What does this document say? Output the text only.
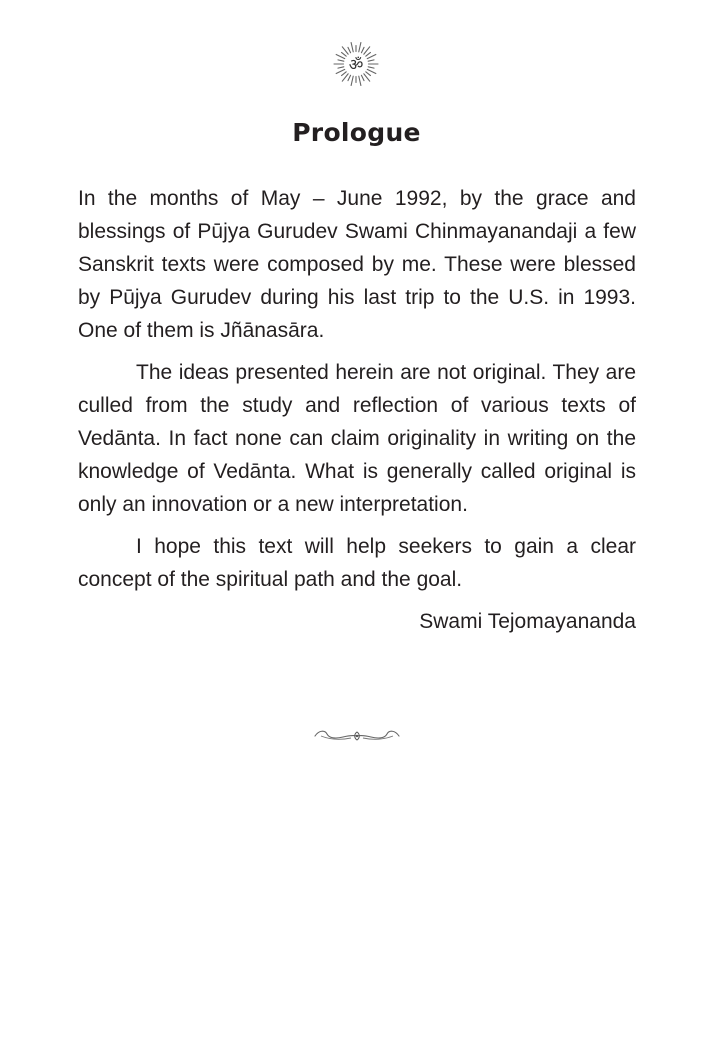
ॐ
Prologue

In the months of May – June 1992, by the grace and blessings of Pūjya Gurudev Swami Chinmayanandaji a few Sanskrit texts were composed by me. These were blessed by Pūjya Gurudev during his last trip to the U.S. in 1993. One of them is Jñānasāra.

The ideas presented herein are not original. They are culled from the study and reflection of various texts of Vedānta. In fact none can claim originality in writing on the knowledge of Vedānta. What is generally called original is only an innovation or a new interpretation.

I hope this text will help seekers to gain a clear concept of the spiritual path and the goal.

Swami Tejomayananda
